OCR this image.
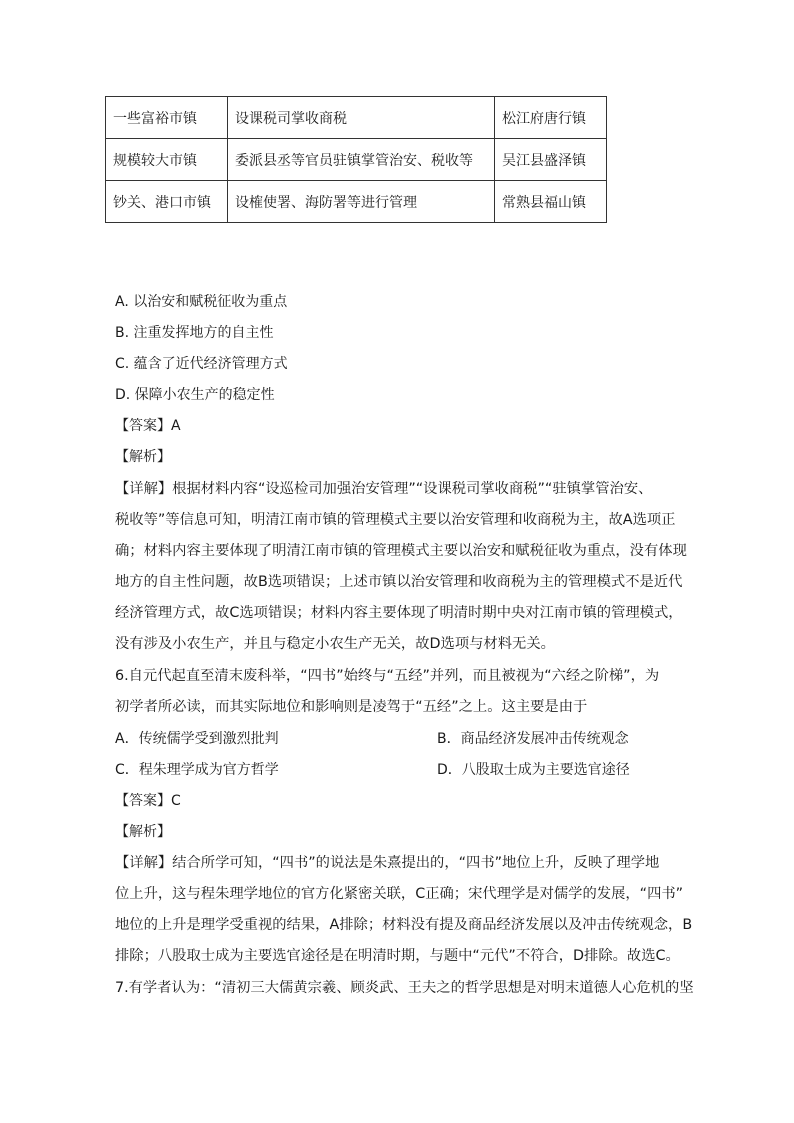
一些富裕市镇	设课税司掌收商税	松江府唐行镇
规模较大市镇	委派县丞等官员驻镇掌管治安、税收等	吴江县盛泽镇
钞关、港口市镇	设榷使署、海防署等进行管理	常熟县福山镇
A. 以治安和赋税征收为重点
B. 注重发挥地方的自主性
C. 蕴含了近代经济管理方式
D. 保障小农生产的稳定性
【答案】A
【解析】
【详解】根据材料内容“设巡检司加强治安管理”“设课税司掌收商税”“驻镇掌管治安、
税收等”等信息可知，明清江南市镇的管理模式主要以治安管理和收商税为主，故A选项正
确；材料内容主要体现了明清江南市镇的管理模式主要以治安和赋税征收为重点，没有体现
地方的自主性问题，故B选项错误；上述市镇以治安管理和收商税为主的管理模式不是近代
经济管理方式，故C选项错误；材料内容主要体现了明清时期中央对江南市镇的管理模式，
没有涉及小农生产，并且与稳定小农生产无关，故D选项与材料无关。
6.自元代起直至清末废科举，“四书”始终与“五经”并列，而且被视为“六经之阶梯”，为
初学者所必读，而其实际地位和影响则是凌驾于“五经”之上。这主要是由于
A．传统儒学受到激烈批判	B．商品经济发展冲击传统观念
C．程朱理学成为官方哲学	D．八股取士成为主要选官途径
【答案】C
【解析】
【详解】结合所学可知，“四书”的说法是朱熹提出的，“四书”地位上升，反映了理学地
位上升，这与程朱理学地位的官方化紧密关联，C正确；宋代理学是对儒学的发展，“四书”
地位的上升是理学受重视的结果，A排除；材料没有提及商品经济发展以及冲击传统观念，B
排除；八股取士成为主要选官途径是在明清时期，与题中“元代”不符合，D排除。故选C。
7.有学者认为：“清初三大儒黄宗羲、顾炎武、王夫之的哲学思想是对明末道德人心危机的坚
